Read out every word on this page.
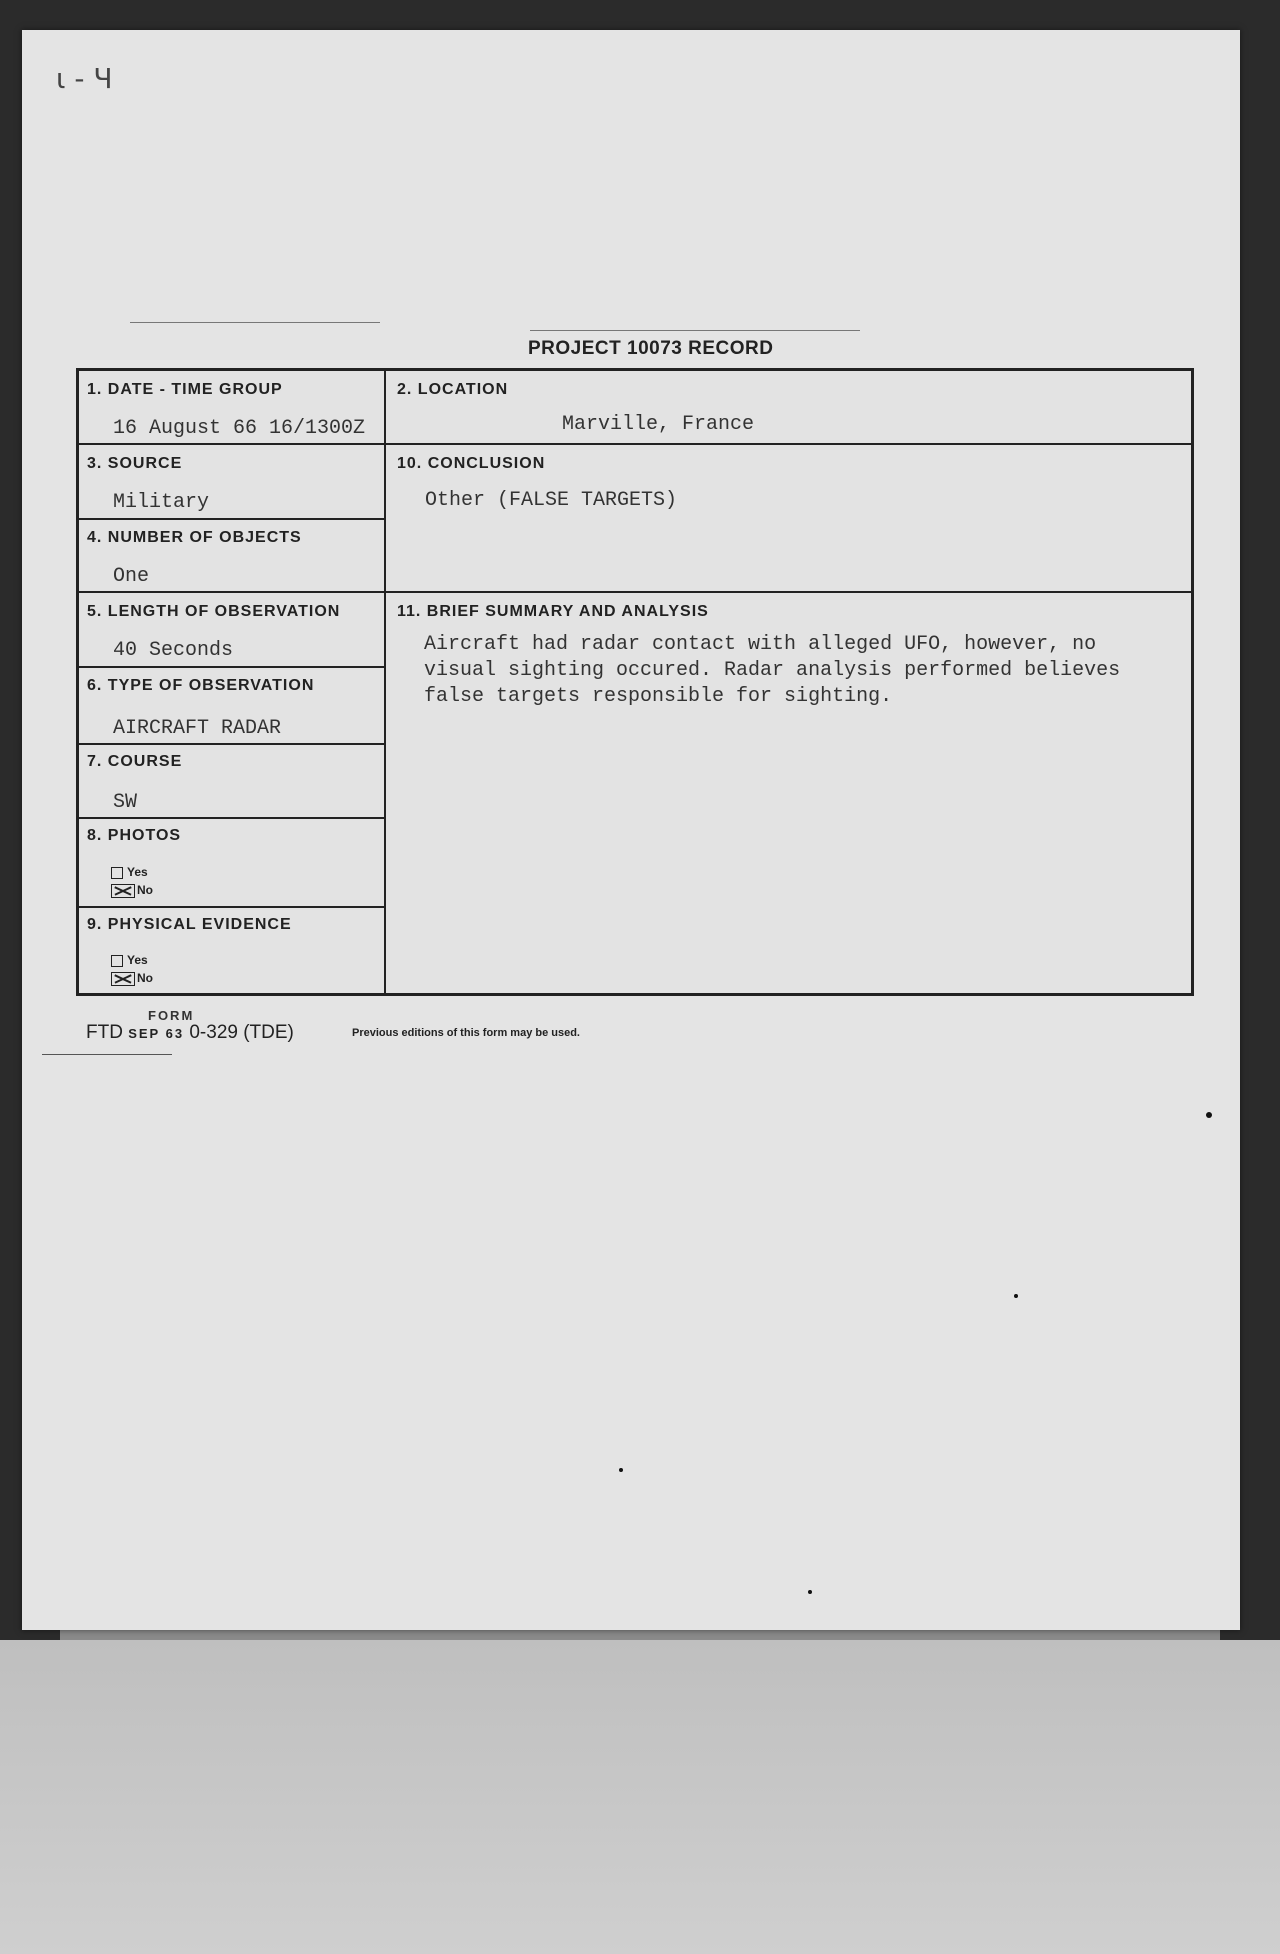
ι - Ч
PROJECT 10073 RECORD
1. DATE - TIME GROUP
16 August 66 16/1300Z
2. LOCATION
Marville, France
3. SOURCE
Military
10. CONCLUSION
Other (FALSE TARGETS)
4. NUMBER OF OBJECTS
One
5. LENGTH OF OBSERVATION
40 Seconds
11. BRIEF SUMMARY AND ANALYSIS
6. TYPE OF OBSERVATION
AIRCRAFT RADAR
7. COURSE
SW
8. PHOTOS
Yes
No
9. PHYSICAL EVIDENCE
Yes
No
Aircraft had radar contact with alleged UFO, however, no
visual sighting occured. Radar analysis performed believes
false targets responsible for sighting.
FORM
FTD SEP 63 0-329 (TDE)	Previous editions of this form may be used.
